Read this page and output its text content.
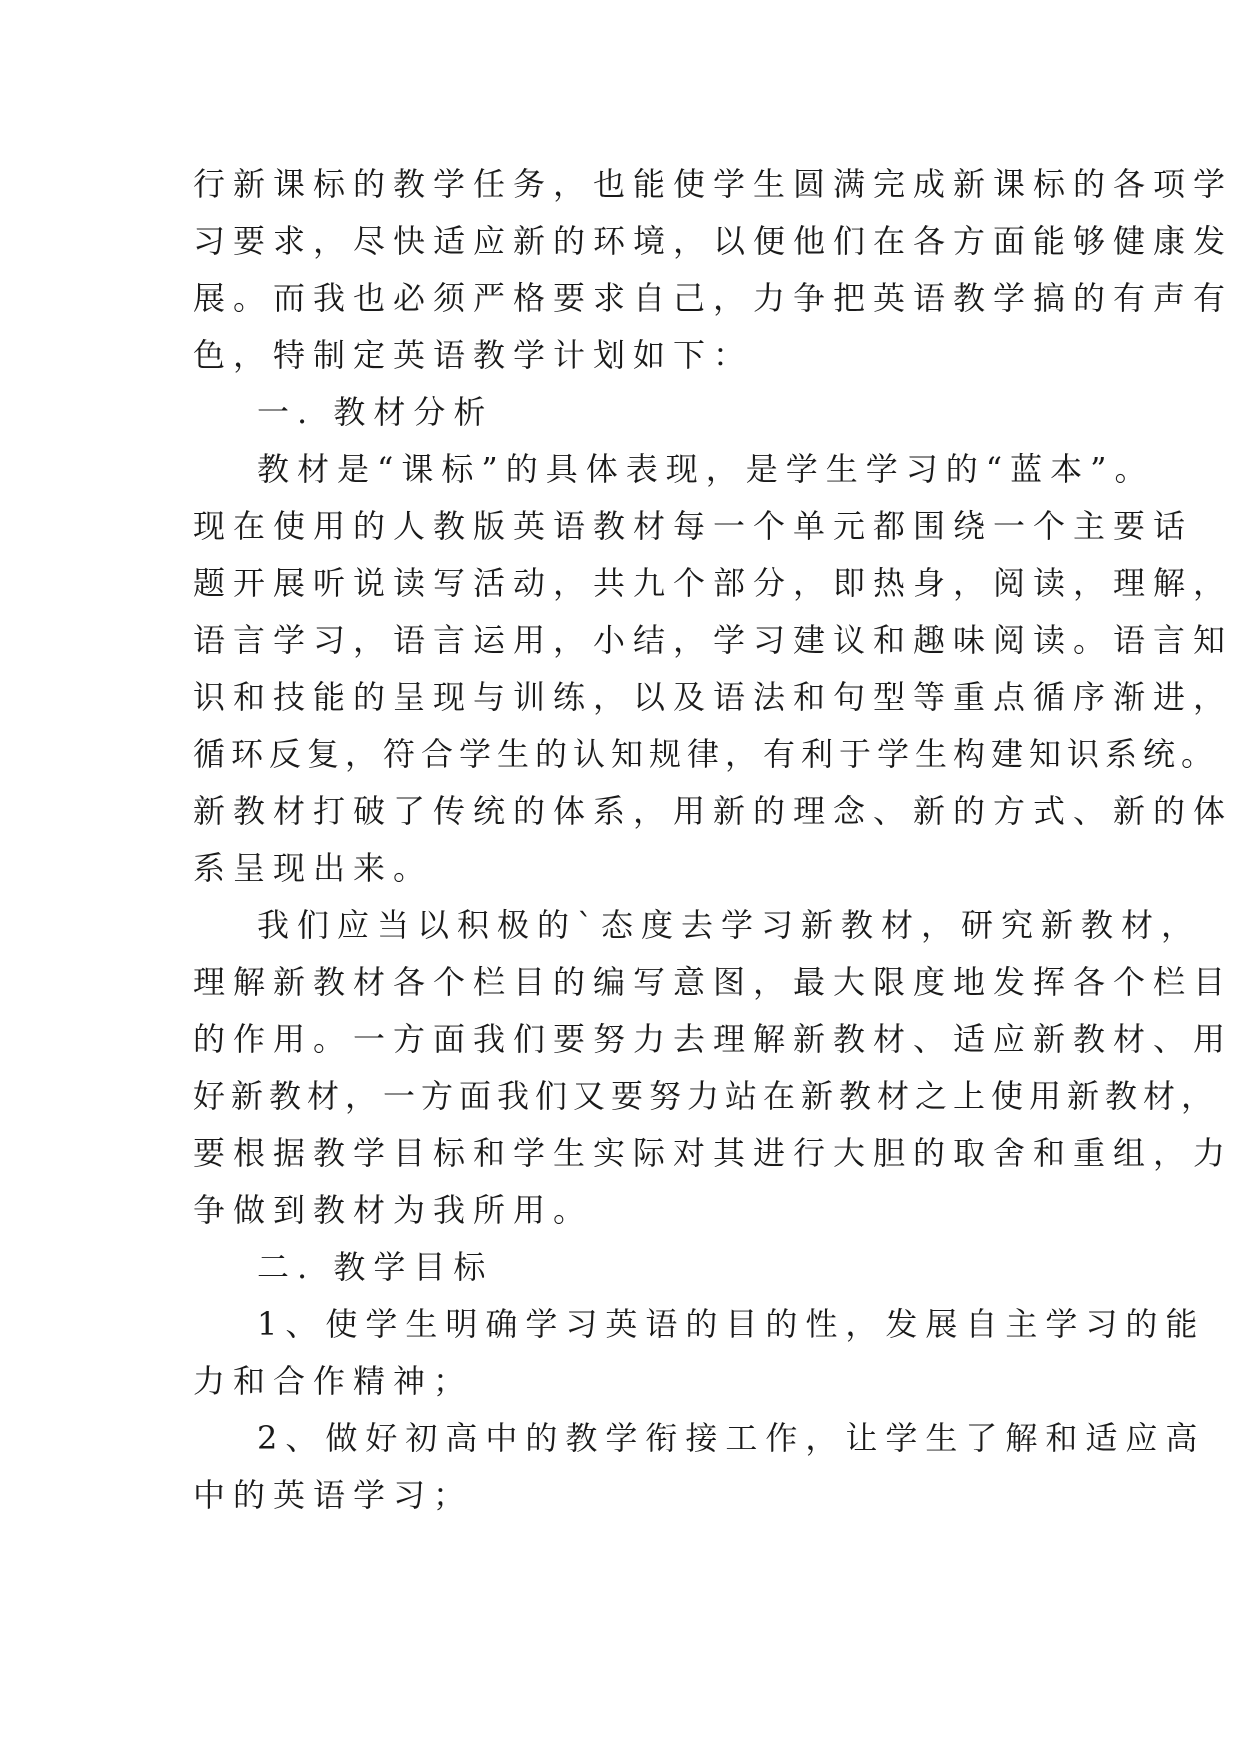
行新课标的教学任务，也能使学生圆满完成新课标的各项学
习要求，尽快适应新的环境，以便他们在各方面能够健康发
展。而我也必须严格要求自己，力争把英语教学搞的有声有
色，特制定英语教学计划如下：
一. 教材分析
教材是“课标”的具体表现，是学生学习的“蓝本”。
现在使用的人教版英语教材每一个单元都围绕一个主要话
题开展听说读写活动，共九个部分，即热身，阅读，理解，
语言学习，语言运用，小结，学习建议和趣味阅读。语言知
识和技能的呈现与训练，以及语法和句型等重点循序渐进，
循环反复，符合学生的认知规律，有利于学生构建知识系统。
新教材打破了传统的体系，用新的理念、新的方式、新的体
系呈现出来。
我们应当以积极的`态度去学习新教材，研究新教材，
理解新教材各个栏目的编写意图，最大限度地发挥各个栏目
的作用。一方面我们要努力去理解新教材、适应新教材、用
好新教材，一方面我们又要努力站在新教材之上使用新教材，
要根据教学目标和学生实际对其进行大胆的取舍和重组，力
争做到教材为我所用。
二. 教学目标
1、使学生明确学习英语的目的性，发展自主学习的能
力和合作精神；
2、做好初高中的教学衔接工作，让学生了解和适应高
中的英语学习；
